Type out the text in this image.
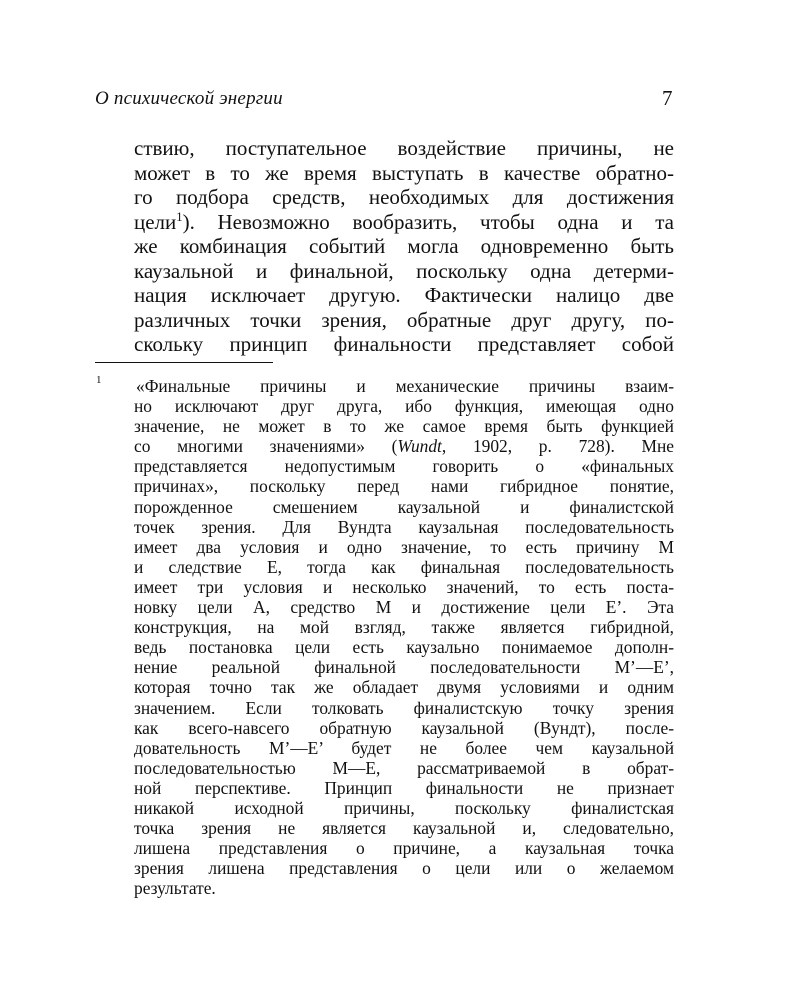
О психической энергии	7
ствию, поступательное воздействие причины, не
может в то же время выступать в качестве обратно-
го подбора средств, необходимых для достижения
цели$^1$). Невозможно вообразить, чтобы одна и та
же комбинация событий могла одновременно быть
каузальной и финальной, поскольку одна детерми-
нация исключает другую. Фактически налицо две
различных точки зрения, обратные друг другу, по-
скольку принцип финальности представляет собой
1 «Финальные причины и механические причины взаим-
но исключают друг друга, ибо функция, имеющая одно
значение, не может в то же самое время быть функцией
со многими значениями» (Wundt, 1902, p. 728). Мне
представляется недопустимым говорить о «финальных
причинах», поскольку перед нами гибридное понятие,
порожденное смешением каузальной и финалистской
точек зрения. Для Вундта каузальная последовательность
имеет два условия и одно значение, то есть причину М
и следствие Е, тогда как финальная последовательность
имеет три условия и несколько значений, то есть поста-
новку цели А, средство М и достижение цели Е’. Эта
конструкция, на мой взгляд, также является гибридной,
ведь постановка цели есть каузально понимаемое дополн-
нение реальной финальной последовательности М’—Е’,
которая точно так же обладает двумя условиями и одним
значением. Если толковать финалистскую точку зрения
как всего-навсего обратную каузальной (Вундт), после-
довательность М’—Е’ будет не более чем каузальной
последовательностью М—Е, рассматриваемой в обрат-
ной перспективе. Принцип финальности не признает
никакой исходной причины, поскольку финалистская
точка зрения не является каузальной и, следовательно,
лишена представления о причине, а каузальная точка
зрения лишена представления о цели или о желаемом
результате.
